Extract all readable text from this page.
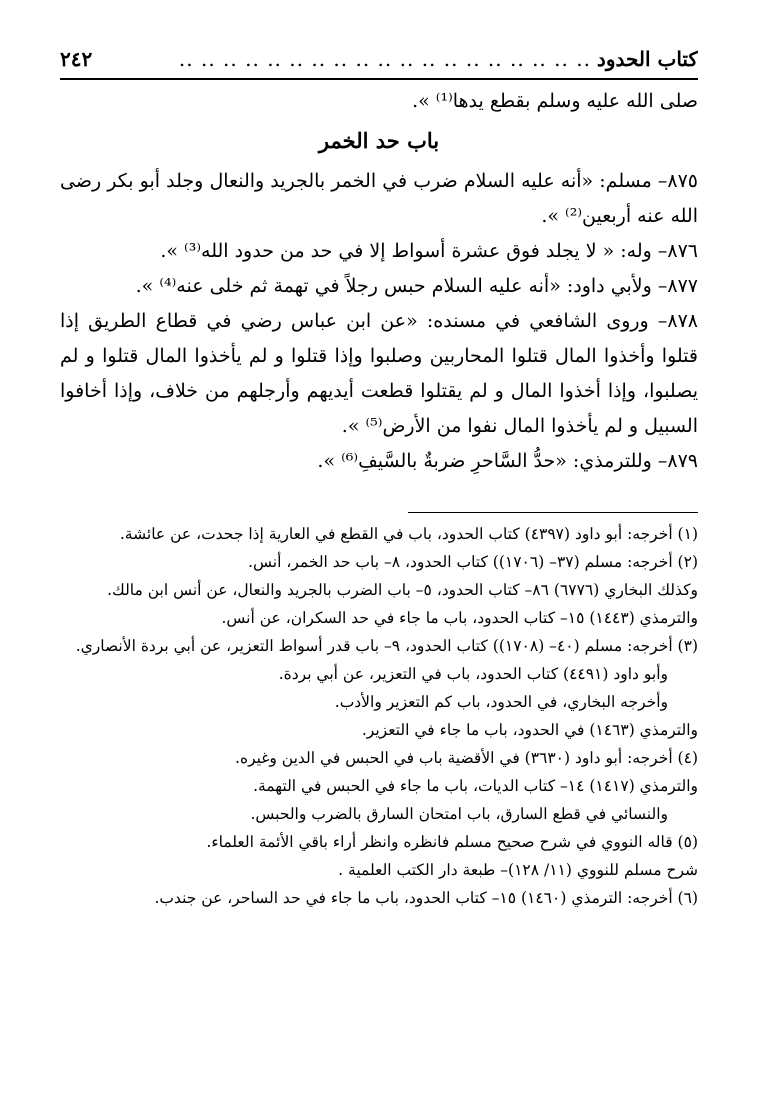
كتاب الحدود
.. .. .. .. .. .. .. .. .. .. .. .. .. .. .. .. .. .. ..
٢٤٢

صلى الله عليه وسلم بقطع يدها⁽¹⁾ ».

باب حد الخمر

٨٧٥– مسلم: «أنه عليه السلام ضرب في الخمر بالجريد والنعال وجلد أبو بكر رضى الله عنه أربعين⁽²⁾ ».

٨٧٦– وله: « لا يجلد فوق عشرة أسواط إلا في حد من حدود الله⁽³⁾ ».

٨٧٧– ولأبي داود: «أنه عليه السلام حبس رجلاً في تهمة ثم خلى عنه⁽⁴⁾ ».

٨٧٨– وروى الشافعي في مسنده: «عن ابن عباس رضي في قطاع الطريق إذا قتلوا وأخذوا المال قتلوا المحاربين وصلبوا وإذا قتلوا و لم يأخذوا المال قتلوا و لم يصلبوا، وإذا أخذوا المال و لم يقتلوا قطعت أيديهم وأرجلهم من خلاف، وإذا أخافوا السبيل و لم يأخذوا المال نفوا من الأرض⁽⁵⁾ ».

٨٧٩– وللترمذي: «حدُّ السَّاحرِ ضربةٌ بالسَّيفِ⁽⁶⁾ ».

(١) أخرجه: أبو داود (٤٣٩٧) كتاب الحدود، باب في القطع في العارية إذا جحدت، عن عائشة.

(٢) أخرجه: مسلم (٣٧– (١٧٠٦)) كتاب الحدود، ٨– باب حد الخمر، أنس.

وكذلك البخاري (٦٧٧٦) ٨٦– كتاب الحدود، ٥– باب الضرب بالجريد والنعال، عن أنس ابن مالك.

والترمذي (١٤٤٣) ١٥– كتاب الحدود، باب ما جاء في حد السكران، عن أنس.

(٣) أخرجه: مسلم (٤٠– (١٧٠٨)) كتاب الحدود، ٩– باب قدر أسواط التعزير، عن أبي بردة الأنصاري.

وأبو داود (٤٤٩١) كتاب الحدود، باب في التعزير، عن أبي بردة.

وأخرجه البخاري، في الحدود، باب كم التعزير والأدب.

والترمذي (١٤٦٣) في الحدود، باب ما جاء في التعزير.

(٤) أخرجه: أبو داود (٣٦٣٠) في الأقضية باب في الحبس في الدين وغيره.

والترمذي (١٤١٧) ١٤– كتاب الديات، باب ما جاء في الحبس في التهمة.

والنسائي في قطع السارق، باب امتحان السارق بالضرب والحبس.

(٥) قاله النووي في شرح صحيح مسلم فانظره وانظر أراء باقي الأئمة العلماء.

شرح مسلم للنووي (١١/ ١٢٨)– طبعة دار الكتب العلمية .

(٦) أخرجه: الترمذي (١٤٦٠) ١٥– كتاب الحدود، باب ما جاء في حد الساحر، عن جندب.
